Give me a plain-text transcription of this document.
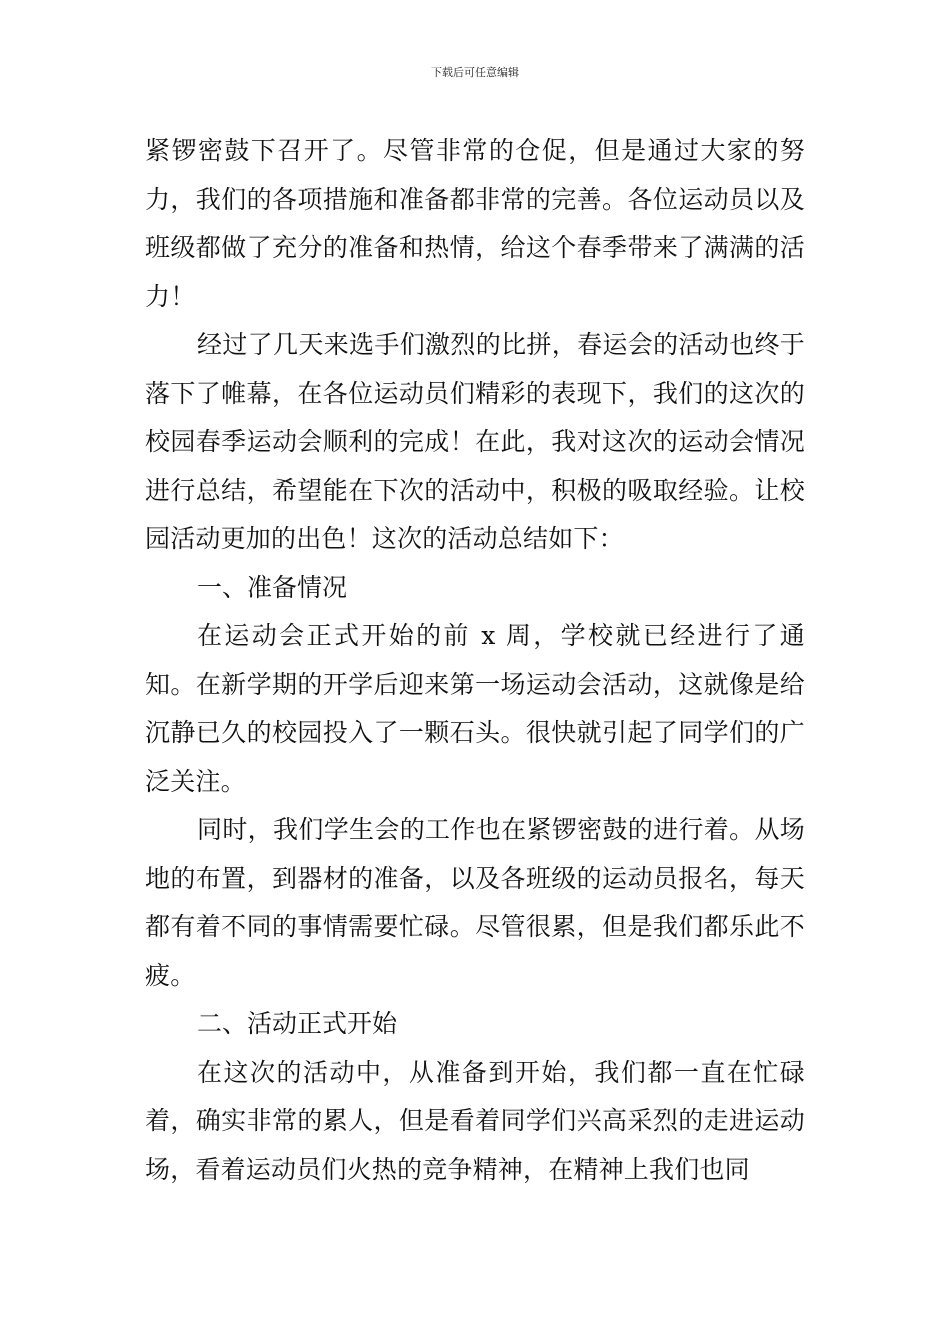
下载后可任意编辑

紧锣密鼓下召开了。尽管非常的仓促，但是通过大家的努力，我们的各项措施和准备都非常的完善。各位运动员以及班级都做了充分的准备和热情，给这个春季带来了满满的活力！

经过了几天来选手们激烈的比拼，春运会的活动也终于落下了帷幕，在各位运动员们精彩的表现下，我们的这次的校园春季运动会顺利的完成！在此，我对这次的运动会情况进行总结，希望能在下次的活动中，积极的吸取经验。让校园活动更加的出色！这次的活动总结如下：

一、准备情况

在运动会正式开始的前 x 周，学校就已经进行了通知。在新学期的开学后迎来第一场运动会活动，这就像是给沉静已久的校园投入了一颗石头。很快就引起了同学们的广泛关注。

同时，我们学生会的工作也在紧锣密鼓的进行着。从场地的布置，到器材的准备，以及各班级的运动员报名，每天都有着不同的事情需要忙碌。尽管很累，但是我们都乐此不疲。

二、活动正式开始

在这次的活动中，从准备到开始，我们都一直在忙碌着，确实非常的累人，但是看着同学们兴高采烈的走进运动场，看着运动员们火热的竞争精神，在精神上我们也同
